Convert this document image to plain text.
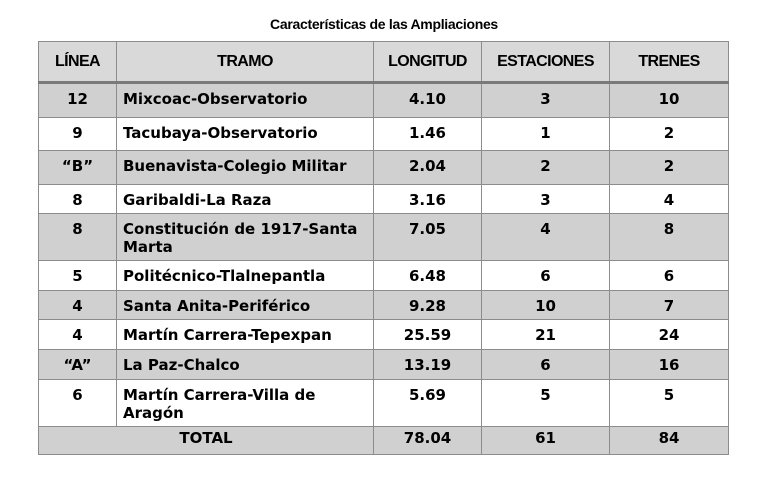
Características de las Ampliaciones
LÍNEA	TRAMO	LONGITUD	ESTACIONES	TRENES
12	Mixcoac-Observatorio	4.10	3	10
9	Tacubaya-Observatorio	1.46	1	2
“B”	Buenavista-Colegio Militar	2.04	2	2
8	Garibaldi-La Raza	3.16	3	4
8	Constitución de 1917-Santa Marta	7.05	4	8
5	Politécnico-Tlalnepantla	6.48	6	6
4	Santa Anita-Periférico	9.28	10	7
4	Martín Carrera-Tepexpan	25.59	21	24
“A”	La Paz-Chalco	13.19	6	16
6	Martín Carrera-Villa de Aragón	5.69	5	5
TOTAL		78.04	61	84
